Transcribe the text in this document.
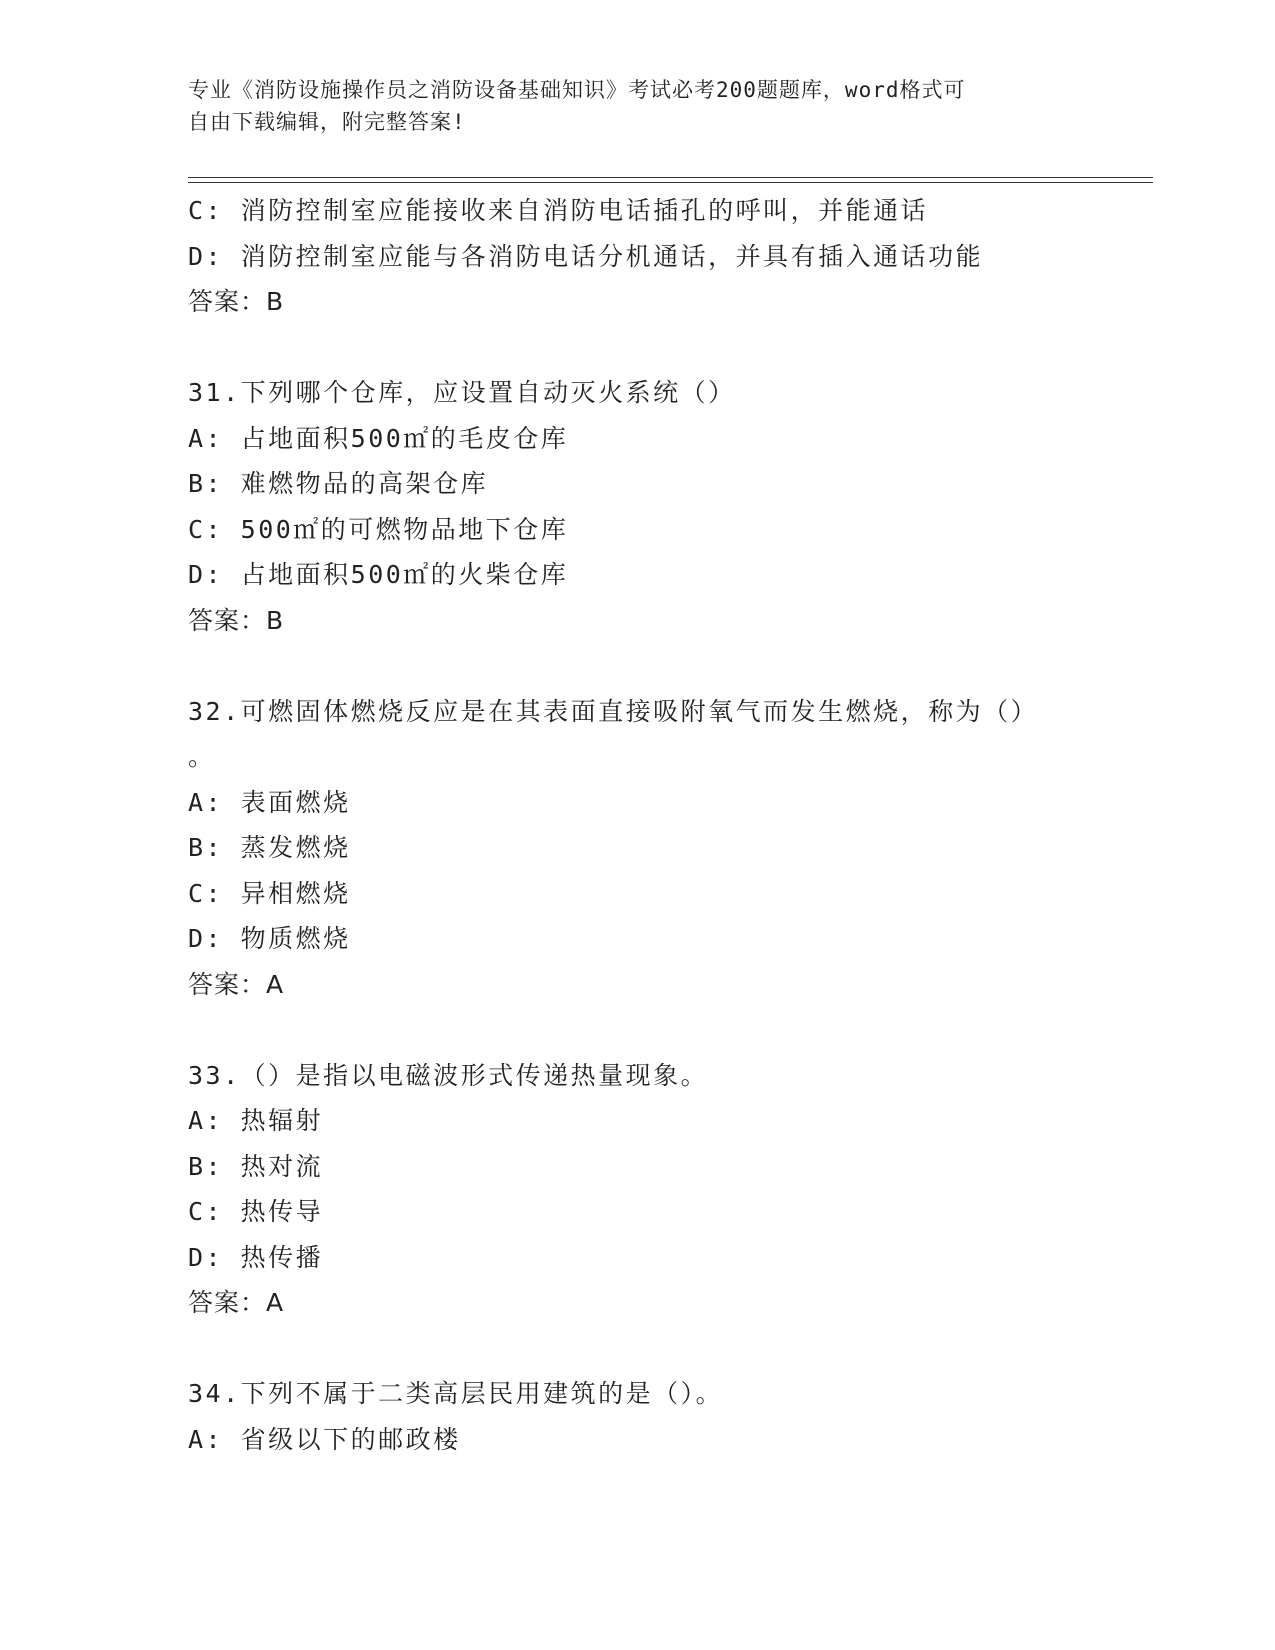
专业《消防设施操作员之消防设备基础知识》考试必考200题题库，word格式可
自由下载编辑，附完整答案!
C: 消防控制室应能接收来自消防电话插孔的呼叫，并能通话
D: 消防控制室应能与各消防电话分机通话，并具有插入通话功能
答案：B
31.下列哪个仓库，应设置自动灭火系统（）
A: 占地面积500㎡的毛皮仓库
B: 难燃物品的高架仓库
C: 500㎡的可燃物品地下仓库
D: 占地面积500㎡的火柴仓库
答案：B
32.可燃固体燃烧反应是在其表面直接吸附氧气而发生燃烧，称为（）
。
A: 表面燃烧
B: 蒸发燃烧
C: 异相燃烧
D: 物质燃烧
答案：A
33.（）是指以电磁波形式传递热量现象。
A: 热辐射
B: 热对流
C: 热传导
D: 热传播
答案：A
34.下列不属于二类高层民用建筑的是（）。
A: 省级以下的邮政楼
